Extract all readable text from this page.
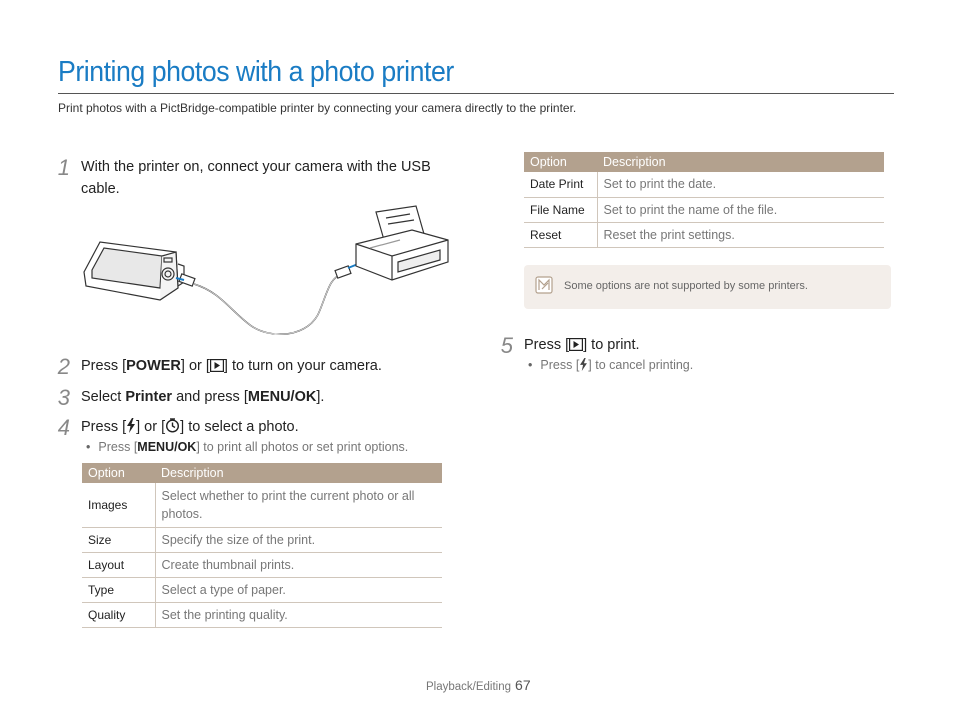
Printing photos with a photo printer
Print photos with a PictBridge-compatible printer by connecting your camera directly to the printer.
1 With the printer on, connect your camera with the USB cable.
2 Press [POWER] or [ ] to turn on your camera.
3 Select Printer and press [MENU/OK].
4 Press [ ] or [ ] to select a photo.
• Press [MENU/OK] to print all photos or set print options.
Option	Description
Images	Select whether to print the current photo or all photos.
Size	Specify the size of the print.
Layout	Create thumbnail prints.
Type	Select a type of paper.
Quality	Set the printing quality.
Option	Description
Date Print	Set to print the date.
File Name	Set to print the name of the file.
Reset	Reset the print settings.
Some options are not supported by some printers.
5 Press [ ] to print.
• Press [ ] to cancel printing.
Playback/Editing 67
